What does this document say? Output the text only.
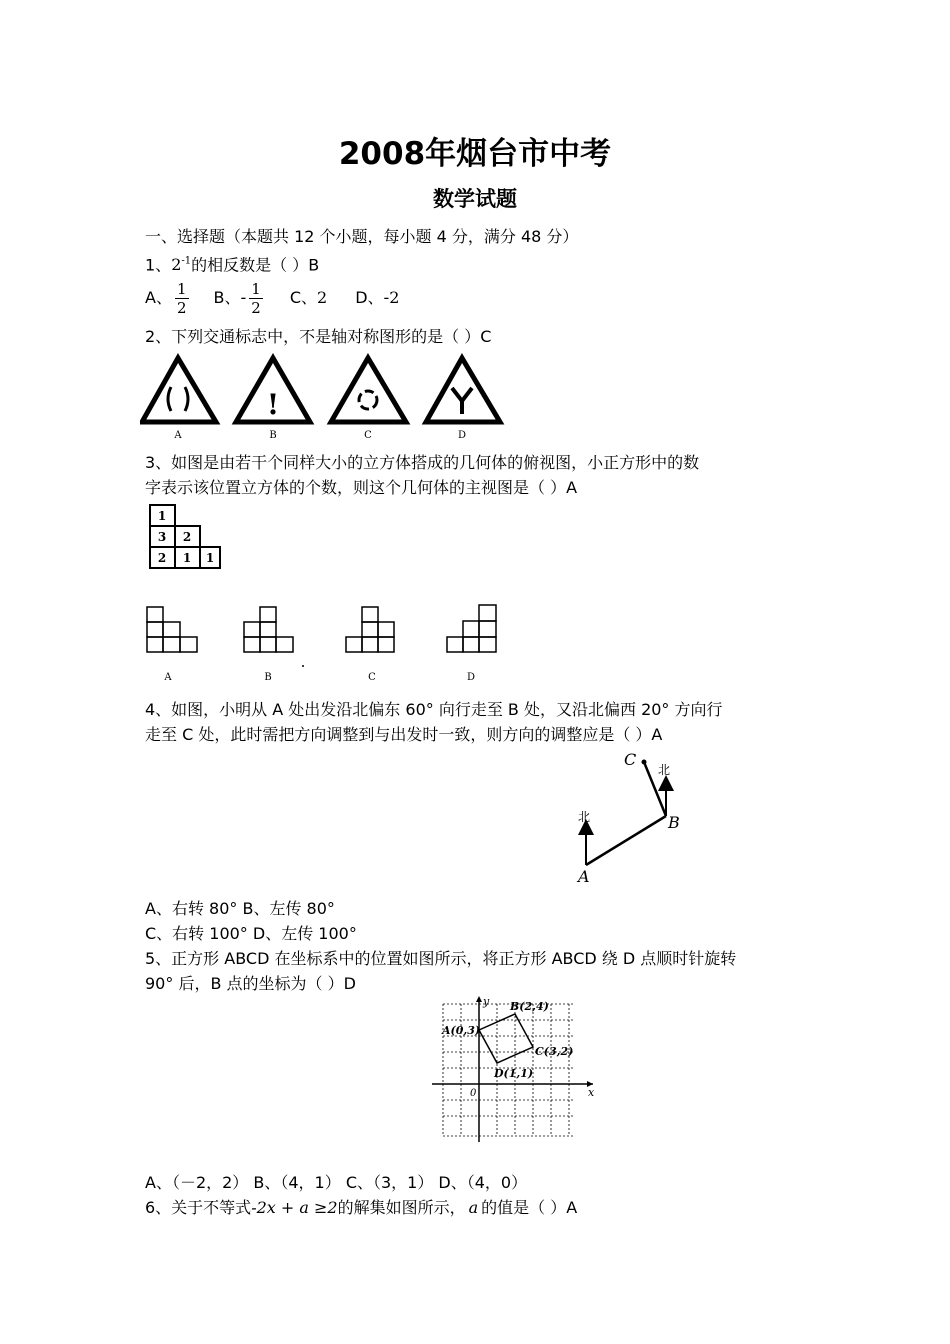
2008年烟台市中考
数学试题
一、选择题（本题共 12 个小题，每小题 4 分，满分 48 分）
1、$2^{-1}$的相反数是（ ）B
A、 $\frac{1}{2}$ B、- $\frac{1}{2}$ C、2 D、-2
2、下列交通标志中，不是轴对称图形的是（ ）C
!
A	B	C	D
3、如图是由若干个同样大小的立方体搭成的几何体的俯视图，小正方形中的数
字表示该位置立方体的个数，则这个几何体的主视图是（ ）A
1
3 2
2 1 1
A	B	C	D
4、如图，小明从 A 处出发沿北偏东 60° 向行走至 B 处，又沿北偏西 20° 方向行
走至 C 处，此时需把方向调整到与出发时一致，则方向的调整应是（ ）A
北
北
A
B
C
A、右转 80° B、左传 80°
C、右转 100° D、左传 100°
5、正方形 ABCD 在坐标系中的位置如图所示，将正方形 ABCD 绕 D 点顺时针旋转
90° 后，B 点的坐标为（ ）D
A(0,3)
B(2,4)
C(3,2)
D(1,1)
0	x
y
A、（－2，2） B、（4，1） C、（3，1） D、（4，0）
6、关于不等式-2x + a ≥2的解集如图所示， a 的值是（ ）A
